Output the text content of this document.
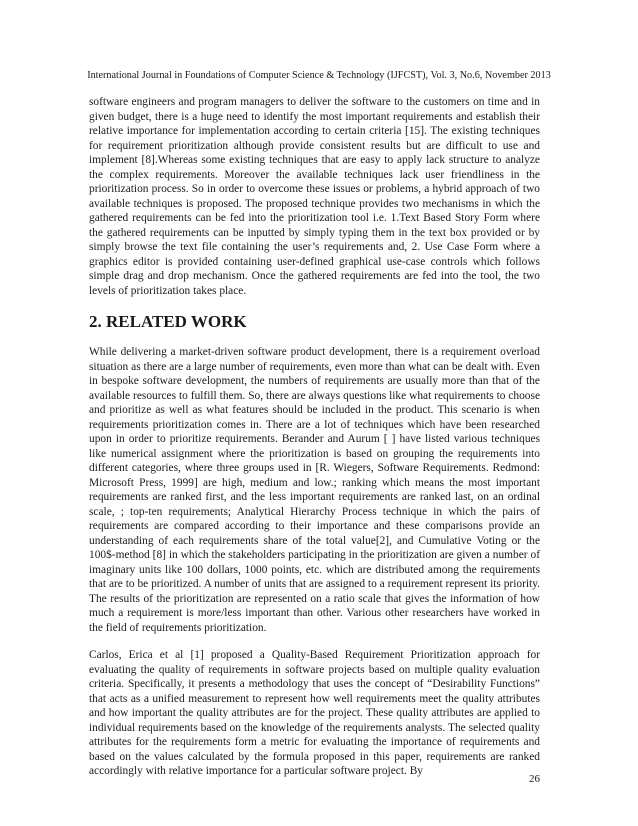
International Journal in Foundations of Computer Science & Technology (IJFCST), Vol. 3, No.6, November 2013

software engineers and program managers to deliver the software to the customers on time and in given budget, there is a huge need to identify the most important requirements and establish their relative importance for implementation according to certain criteria [15]. The existing techniques for requirement prioritization although provide consistent results but are difficult to use and implement [8].Whereas some existing techniques that are easy to apply lack structure to analyze the complex requirements. Moreover the available techniques lack user friendliness in the prioritization process. So in order to overcome these issues or problems, a hybrid approach of two available techniques is proposed. The proposed technique provides two mechanisms in which the gathered requirements can be fed into the prioritization tool i.e. 1.Text Based Story Form where the gathered requirements can be inputted by simply typing them in the text box provided or by simply browse the text file containing the user’s requirements and, 2. Use Case Form where a graphics editor is provided containing user-defined graphical use-case controls which follows simple drag and drop mechanism. Once the gathered requirements are fed into the tool, the two levels of prioritization takes place.

2. RELATED WORK

While delivering a market-driven software product development, there is a requirement overload situation as there are a large number of requirements, even more than what can be dealt with. Even in bespoke software development, the numbers of requirements are usually more than that of the available resources to fulfill them. So, there are always questions like what requirements to choose and prioritize as well as what features should be included in the product. This scenario is when requirements prioritization comes in. There are a lot of techniques which have been researched upon in order to prioritize requirements. Berander and Aurum [ ] have listed various techniques like numerical assignment where the prioritization is based on grouping the requirements into different categories, where three groups used in [R. Wiegers, Software Requirements. Redmond: Microsoft Press, 1999] are high, medium and low.; ranking which means the most important requirements are ranked first, and the less important requirements are ranked last, on an ordinal scale, ; top-ten requirements; Analytical Hierarchy Process technique in which the pairs of requirements are compared according to their importance and these comparisons provide an understanding of each requirements share of the total value[2], and Cumulative Voting or the 100$-method [8] in which the stakeholders participating in the prioritization are given a number of imaginary units like 100 dollars, 1000 points, etc. which are distributed among the requirements that are to be prioritized. A number of units that are assigned to a requirement represent its priority. The results of the prioritization are represented on a ratio scale that gives the information of how much a requirement is more/less important than other. Various other researchers have worked in the field of requirements prioritization.

Carlos, Erica et al [1] proposed a Quality-Based Requirement Prioritization approach for evaluating the quality of requirements in software projects based on multiple quality evaluation criteria. Specifically, it presents a methodology that uses the concept of “Desirability Functions” that acts as a unified measurement to represent how well requirements meet the quality attributes and how important the quality attributes are for the project. These quality attributes are applied to individual requirements based on the knowledge of the requirements analysts. The selected quality attributes for the requirements form a metric for evaluating the importance of requirements and based on the values calculated by the formula proposed in this paper, requirements are ranked accordingly with relative importance for a particular software project. By

26
